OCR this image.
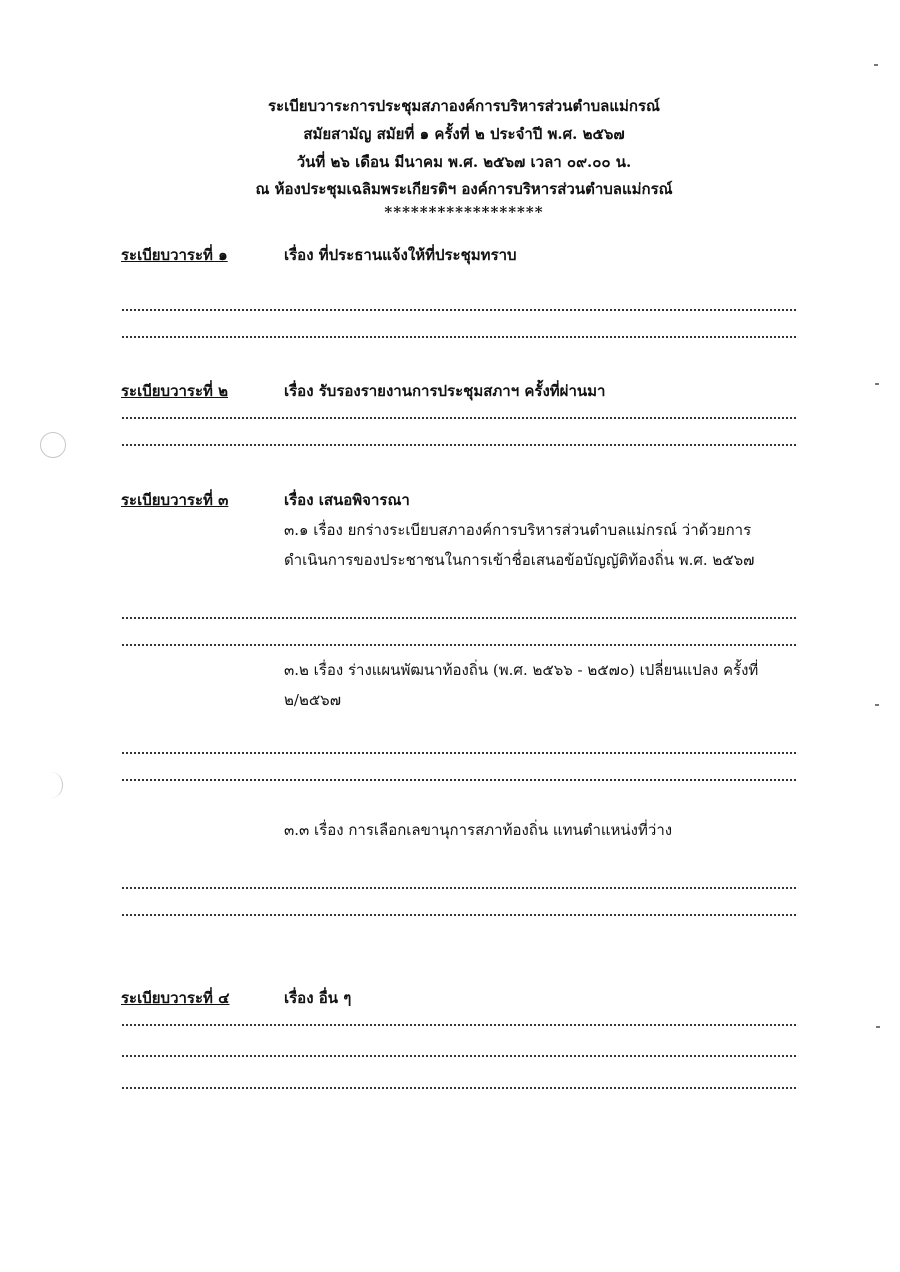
ระเบียบวาระการประชุมสภาองค์การบริหารส่วนตำบลแม่กรณ์
สมัยสามัญ สมัยที่ ๑ ครั้งที่ ๒ ประจำปี พ.ศ. ๒๕๖๗
วันที่ ๒๖ เดือน มีนาคม พ.ศ. ๒๕๖๗ เวลา ๐๙.๐๐ น.
ณ ห้องประชุมเฉลิมพระเกียรติฯ องค์การบริหารส่วนตำบลแม่กรณ์
******************
ระเบียบวาระที่ ๑	เรื่อง ที่ประธานแจ้งให้ที่ประชุมทราบ
ระเบียบวาระที่ ๒	เรื่อง รับรองรายงานการประชุมสภาฯ ครั้งที่ผ่านมา
ระเบียบวาระที่ ๓	เรื่อง เสนอพิจารณา
๓.๑ เรื่อง ยกร่างระเบียบสภาองค์การบริหารส่วนตำบลแม่กรณ์ ว่าด้วยการ
ดำเนินการของประชาชนในการเข้าชื่อเสนอข้อบัญญัติท้องถิ่น พ.ศ. ๒๕๖๗
๓.๒ เรื่อง ร่างแผนพัฒนาท้องถิ่น (พ.ศ. ๒๕๖๖ - ๒๕๗๐) เปลี่ยนแปลง ครั้งที่
๒/๒๕๖๗
๓.๓ เรื่อง การเลือกเลขานุการสภาท้องถิ่น แทนตำแหน่งที่ว่าง
ระเบียบวาระที่ ๔	เรื่อง อื่น ๆ
